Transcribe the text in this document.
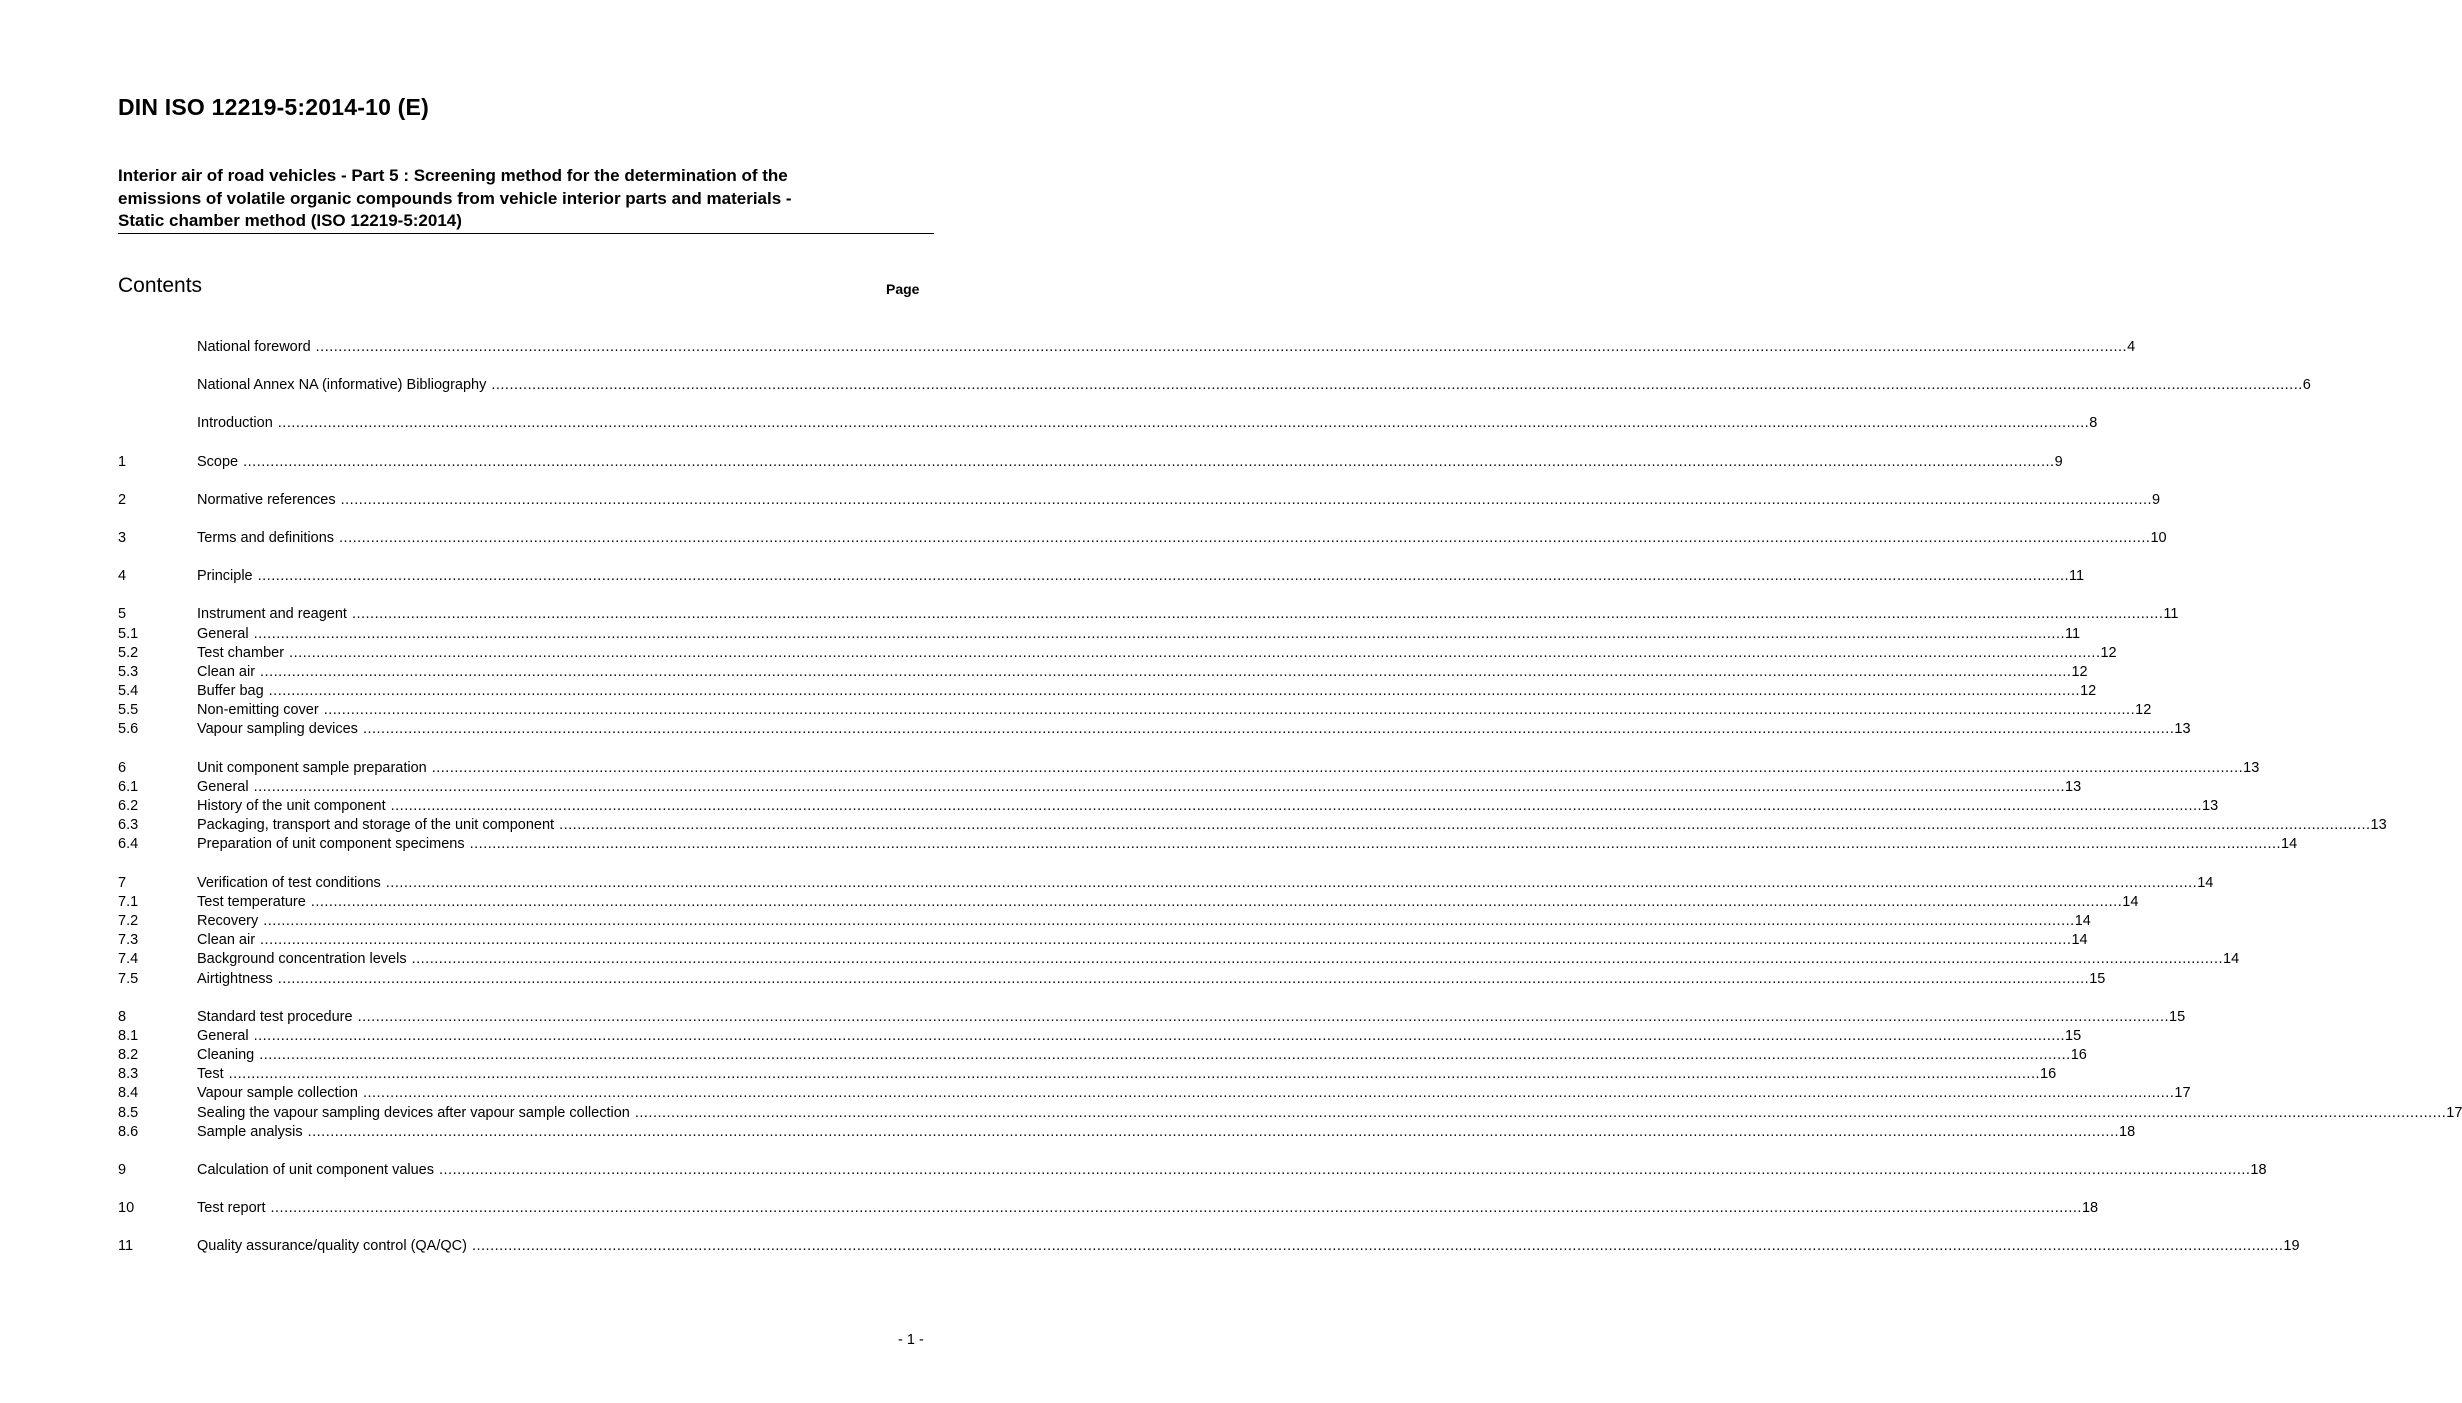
DIN ISO 12219-5:2014-10 (E)
Interior air of road vehicles - Part 5 : Screening method for the determination of the
emissions of volatile organic compounds from vehicle interior parts and materials -
Static chamber method (ISO 12219-5:2014)
Contents	Page
National foreword ................................................................................................................................................................................................................................................................................................................................................................................................................ 4
National Annex NA (informative) Bibliography ................................................................................................................................................................................................................................................................................................................................................................................................................ 6
Introduction ................................................................................................................................................................................................................................................................................................................................................................................................................ 8
1	Scope ................................................................................................................................................................................................................................................................................................................................................................................................................ 9
2	Normative references ................................................................................................................................................................................................................................................................................................................................................................................................................ 9
3	Terms and definitions ................................................................................................................................................................................................................................................................................................................................................................................................................ 10
4	Principle ................................................................................................................................................................................................................................................................................................................................................................................................................ 11
5	Instrument and reagent ................................................................................................................................................................................................................................................................................................................................................................................................................ 11
5.1	General ................................................................................................................................................................................................................................................................................................................................................................................................................ 11
5.2	Test chamber ................................................................................................................................................................................................................................................................................................................................................................................................................ 12
5.3	Clean air ................................................................................................................................................................................................................................................................................................................................................................................................................ 12
5.4	Buffer bag ................................................................................................................................................................................................................................................................................................................................................................................................................ 12
5.5	Non-emitting cover ................................................................................................................................................................................................................................................................................................................................................................................................................ 12
5.6	Vapour sampling devices ................................................................................................................................................................................................................................................................................................................................................................................................................ 13
6	Unit component sample preparation ................................................................................................................................................................................................................................................................................................................................................................................................................ 13
6.1	General ................................................................................................................................................................................................................................................................................................................................................................................................................ 13
6.2	History of the unit component ................................................................................................................................................................................................................................................................................................................................................................................................................ 13
6.3	Packaging, transport and storage of the unit component ................................................................................................................................................................................................................................................................................................................................................................................................................ 13
6.4	Preparation of unit component specimens ................................................................................................................................................................................................................................................................................................................................................................................................................ 14
7	Verification of test conditions ................................................................................................................................................................................................................................................................................................................................................................................................................ 14
7.1	Test temperature ................................................................................................................................................................................................................................................................................................................................................................................................................ 14
7.2	Recovery ................................................................................................................................................................................................................................................................................................................................................................................................................ 14
7.3	Clean air ................................................................................................................................................................................................................................................................................................................................................................................................................ 14
7.4	Background concentration levels ................................................................................................................................................................................................................................................................................................................................................................................................................ 14
7.5	Airtightness ................................................................................................................................................................................................................................................................................................................................................................................................................ 15
8	Standard test procedure ................................................................................................................................................................................................................................................................................................................................................................................................................ 15
8.1	General ................................................................................................................................................................................................................................................................................................................................................................................................................ 15
8.2	Cleaning ................................................................................................................................................................................................................................................................................................................................................................................................................ 16
8.3	Test ................................................................................................................................................................................................................................................................................................................................................................................................................ 16
8.4	Vapour sample collection ................................................................................................................................................................................................................................................................................................................................................................................................................ 17
8.5	Sealing the vapour sampling devices after vapour sample collection ................................................................................................................................................................................................................................................................................................................................................................................................................ 17
8.6	Sample analysis ................................................................................................................................................................................................................................................................................................................................................................................................................ 18
9	Calculation of unit component values ................................................................................................................................................................................................................................................................................................................................................................................................................ 18
10	Test report ................................................................................................................................................................................................................................................................................................................................................................................................................ 18
11	Quality assurance/quality control (QA/QC) ................................................................................................................................................................................................................................................................................................................................................................................................................ 19
- 1 -
